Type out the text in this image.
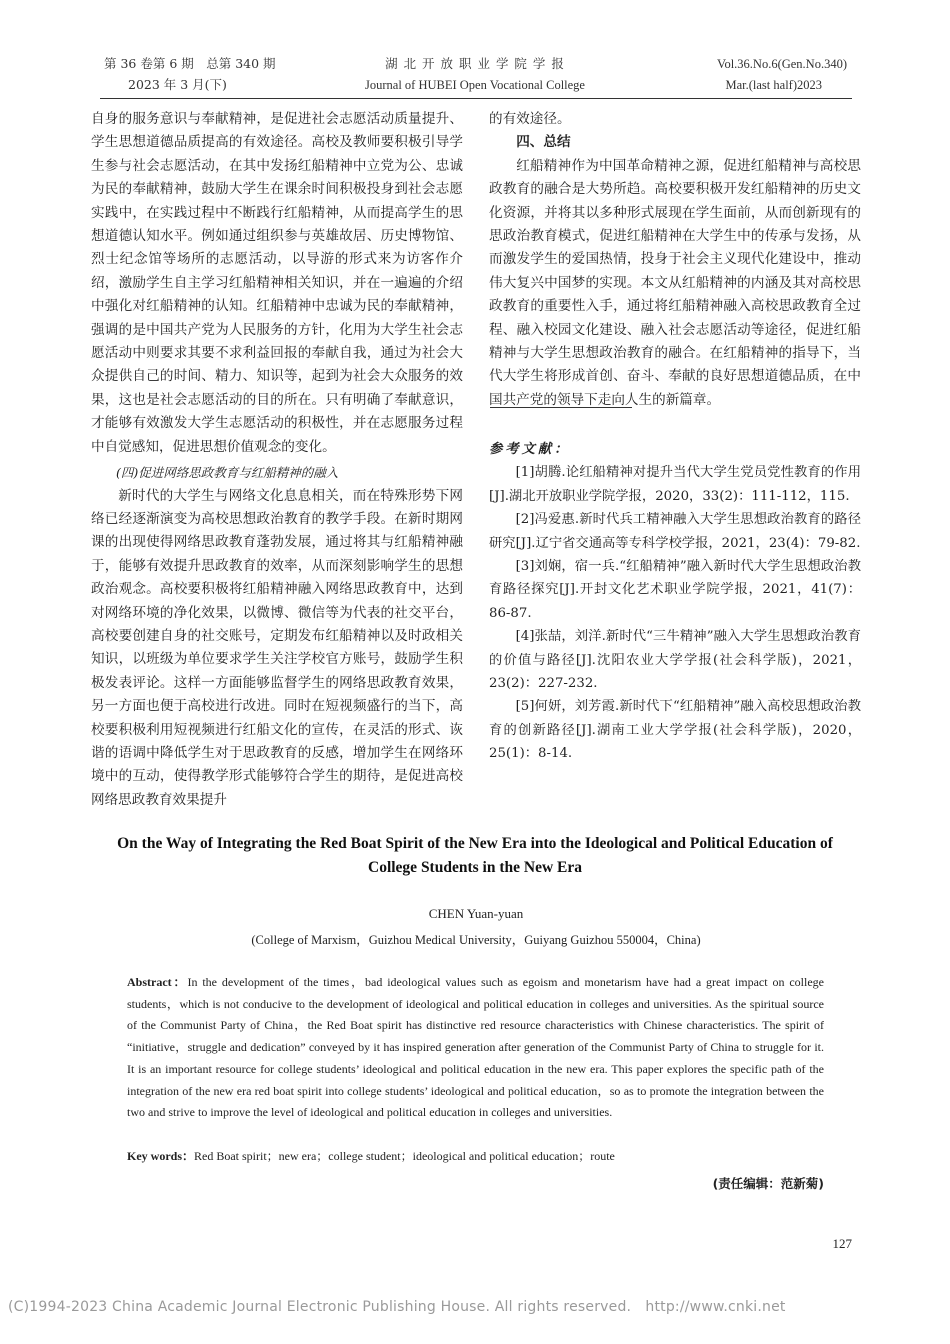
第 36 卷第 6 期　总第 340 期
2023 年 3 月(下)
湖 北 开 放 职 业 学 院 学 报
Journal of HUBEI Open Vocational College
Vol.36.No.6(Gen.No.340)
Mar.(last half)2023

自身的服务意识与奉献精神，是促进社会志愿活动质量提升、学生思想道德品质提高的有效途径。高校及教师要积极引导学生参与社会志愿活动，在其中发扬红船精神中立党为公、忠诚为民的奉献精神，鼓励大学生在课余时间积极投身到社会志愿实践中，在实践过程中不断践行红船精神，从而提高学生的思想道德认知水平。例如通过组织参与英雄故居、历史博物馆、烈士纪念馆等场所的志愿活动，以导游的形式来为访客作介绍，激励学生自主学习红船精神相关知识，并在一遍遍的介绍中强化对红船精神的认知。红船精神中忠诚为民的奉献精神，强调的是中国共产党为人民服务的方针，化用为大学生社会志愿活动中则要求其要不求利益回报的奉献自我，通过为社会大众提供自己的时间、精力、知识等，起到为社会大众服务的效果，这也是社会志愿活动的目的所在。只有明确了奉献意识，才能够有效激发大学生志愿活动的积极性，并在志愿服务过程中自觉感知，促进思想价值观念的变化。

(四)促进网络思政教育与红船精神的融入

新时代的大学生与网络文化息息相关，而在特殊形势下网络已经逐渐演变为高校思想政治教育的教学手段。在新时期网课的出现使得网络思政教育蓬勃发展，通过将其与红船精神融于，能够有效提升思政教育的效率，从而深刻影响学生的思想政治观念。高校要积极将红船精神融入网络思政教育中，达到对网络环境的净化效果，以微博、微信等为代表的社交平台，高校要创建自身的社交账号，定期发布红船精神以及时政相关知识，以班级为单位要求学生关注学校官方账号，鼓励学生积极发表评论。这样一方面能够监督学生的网络思政教育效果，另一方面也便于高校进行改进。同时在短视频盛行的当下，高校要积极利用短视频进行红船文化的宣传，在灵活的形式、诙谐的语调中降低学生对于思政教育的反感，增加学生在网络环境中的互动，使得教学形式能够符合学生的期待，是促进高校网络思政教育效果提升

的有效途径。

四、总结

红船精神作为中国革命精神之源，促进红船精神与高校思政教育的融合是大势所趋。高校要积极开发红船精神的历史文化资源，并将其以多种形式展现在学生面前，从而创新现有的思政治教育模式，促进红船精神在大学生中的传承与发扬，从而激发学生的爱国热情，投身于社会主义现代化建设中，推动伟大复兴中国梦的实现。本文从红船精神的内涵及其对高校思政教育的重要性入手，通过将红船精神融入高校思政教育全过程、融入校园文化建设、融入社会志愿活动等途径，促进红船精神与大学生思想政治教育的融合。在红船精神的指导下，当代大学生将形成首创、奋斗、奉献的良好思想道德品质，在中国共产党的领导下走向人生的新篇章。

参考文献：

[1]胡腾.论红船精神对提升当代大学生党员党性教育的作用[J].湖北开放职业学院学报，2020，33(2)：111-112，115.

[2]冯爱惠.新时代兵工精神融入大学生思想政治教育的路径研究[J].辽宁省交通高等专科学校学报，2021，23(4)：79-82.

[3]刘娴，宿一兵.“红船精神”融入新时代大学生思想政治教育路径探究[J].开封文化艺术职业学院学报，2021，41(7)：86-87.

[4]张喆，刘洋.新时代“三牛精神”融入大学生思想政治教育的价值与路径[J].沈阳农业大学学报(社会科学版)，2021，23(2)：227-232.

[5]何妍，刘芳霞.新时代下“红船精神”融入高校思想政治教育的创新路径[J].湖南工业大学学报(社会科学版)，2020，25(1)：8-14.

On the Way of Integrating the Red Boat Spirit of the New Era into the Ideological and Political Education of College Students in the New Era
CHEN Yuan-yuan
(College of Marxism，Guizhou Medical University，Guiyang Guizhou 550004，China)
Abstract：In the development of the times，bad ideological values such as egoism and monetarism have had a great impact on college students，which is not conducive to the development of ideological and political education in colleges and universities. As the spiritual source of the Communist Party of China，the Red Boat spirit has distinctive red resource characteristics with Chinese characteristics. The spirit of “initiative，struggle and dedication” conveyed by it has inspired generation after generation of the Communist Party of China to struggle for it. It is an important resource for college students’ ideological and political education in the new era. This paper explores the specific path of the integration of the new era red boat spirit into college students’ ideological and political education，so as to promote the integration between the two and strive to improve the level of ideological and political education in colleges and universities.
Key words：Red Boat spirit；new era；college student；ideological and political education；route
(责任编辑：范新菊)
127
(C)1994-2023 China Academic Journal Electronic Publishing House. All rights reserved.　http://www.cnki.net
